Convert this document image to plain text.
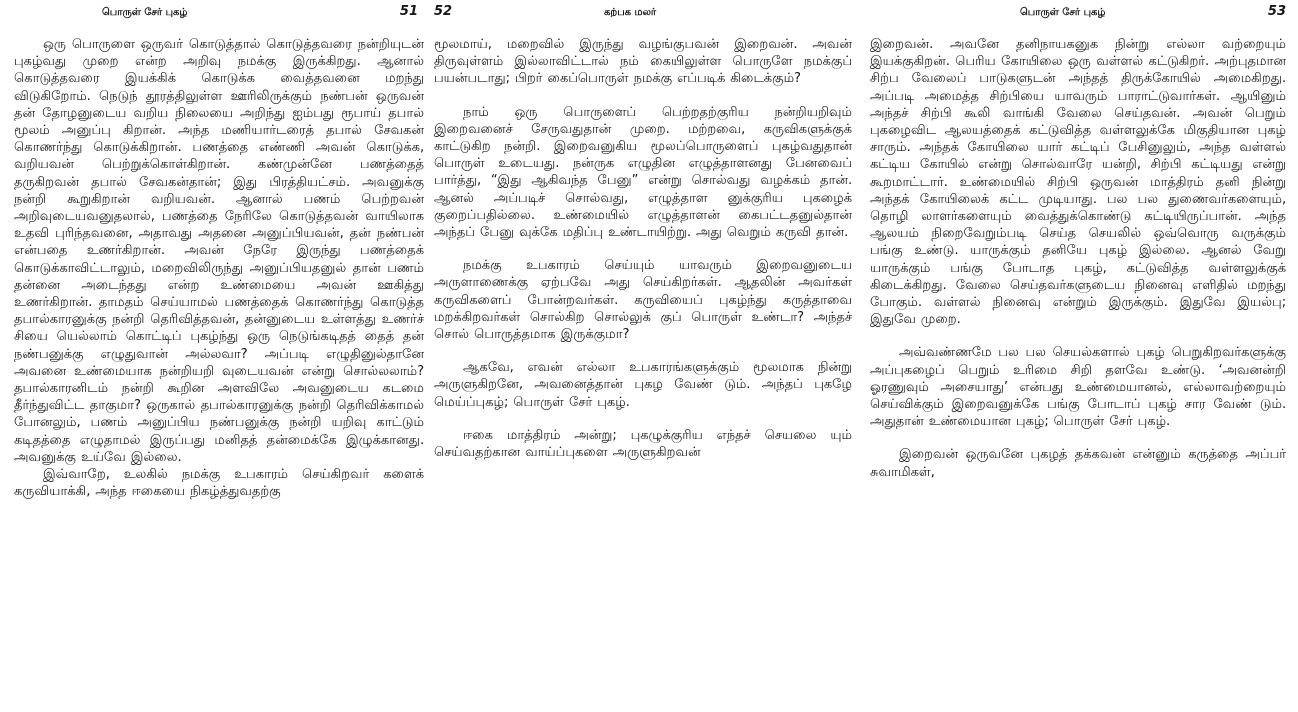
பொருள் சேர் புகழ்	51

ஒரு பொருளை ஒருவர் கொடுத்தால் கொடுத்தவரை நன்றியுடன் புகழ்வது முறை என்ற அறிவு நமக்கு இருக்கிறது. ஆனால் கொடுத்தவரை இயக்கிக் கொடுக்க வைத்தவனை மறந்து விடுகிறோம். நெடுந் தூரத்திலுள்ள ஊரிலிருக்கும் நண்பன் ஒருவன் தன் தோழனுடைய வறிய நிலையை அறிந்து ஐம்பது ரூபாய் தபால் மூலம் அனுப்பு கிறான். அந்த மணியார்டரைத் தபால் சேவகன் கொணர்ந்து கொடுக்கிறான். பணத்தை எண்ணி அவன் கொடுக்க, வறியவன் பெற்றுக்கொள்கிறான். கண்முன்னே பணத்தைத் தருகிறவன் தபால் சேவகன்தான்; இது பிரத்தியட்சம். அவனுக்கு நன்றி கூறுகிறான் வறியவன். ஆனால் பணம் பெற்றவன் அறிவுடையவனுதலால், பணத்தை நேரிலே கொடுத்தவன் வாயிலாக உதவி புரிந்தவனை, அதாவது அதனை அனுப்பியவன், தன் நண்பன் என்பதை உணர்கிறான். அவன் நேரே இருந்து பணத்தைக் கொடுக்காவிட்டாலும், மறைவிலிருந்து அனுப்பியதனுல் தான் பணம் தன்னை அடைந்தது என்ற உண்மையை அவன் ஊகித்து உணர்கிறான். தாமதம் செய்யாமல் பணத்தைக் கொணர்ந்து கொடுத்த தபால்காரனுக்கு நன்றி தெரிவித்தவன், தன்னுடைய உள்ளத்து உணர்ச் சியை யெல்லாம் கொட்டிப் புகழ்ந்து ஒரு நெடுங்கடிதத் தைத் தன் நண்பனுக்கு எழுதுவான் அல்லவா? அப்படி எழுதினுல்தானே அவனை உண்மையாக நன்றியறி வுடையவன் என்று சொல்லலாம்? தபால்காரனிடம் நன்றி கூறின அளவிலே அவனுடைய கடமை தீர்ந்துவிட்ட தாகுமா? ஒருகால் தபால்காரனுக்கு நன்றி தெரிவிக்காமல் போனலும், பணம் அனுப்பிய நண்பனுக்கு நன்றி யறிவு காட்டும் கடிதத்தை எழுதாமல் இருப்பது மனிதத் தன்மைக்கே இழுக்கானது. அவனுக்கு உய்வே இல்லை.

இவ்வாறே, உலகில் நமக்கு உபகாரம் செய்கிறவர் களைக் கருவியாக்கி, அந்த ஈகையை நிகழ்த்துவதற்கு

52	கற்பக மலர்

மூலமாய், மறைவில் இருந்து வழங்குபவன் இறைவன். அவன் திருவுள்ளம் இல்லாவிட்டால் நம் கையிலுள்ள பொருளே நமக்குப் பயன்படாது; பிறர் கைப்பொருள் நமக்கு எப்படிக் கிடைக்கும்?

நாம் ஒரு பொருளைப் பெற்றதற்குரிய நன்றியறிவும் இறைவனைச் சேருவதுதான் முறை. மற்றவை, கருவிகளுக்குக் காட்டுகிற நன்றி. இறைவனுகிய மூலப்பொருளைப் புகழ்வதுதான் பொருள் உடையது. நன்ருக எழுதின எழுத்தாளனது பேனவைப் பார்த்து, “இது ஆகிவந்த பேனு” என்று சொல்வது வழக்கம் தான். ஆனல் அப்படிச் சொல்வது, எழுத்தாள னுக்குரிய புகழைக் குறைப்பதில்லை. உண்மையில் எழுத்தாளன் கைபட்டதனுல்தான் அந்தப் பேனு வுக்கே மதிப்பு உண்டாயிற்று. அது வெறும் கருவி தான்.

நமக்கு உபகாரம் செய்யும் யாவரும் இறைவனுடைய அருளாணைக்கு ஏற்பவே அது செய்கிறர்கள். ஆதலின் அவர்கள் கருவிகளைப் போன்றவர்கள். கருவியைப் புகழ்ந்து கருத்தாவை மறக்கிறவர்கள் சொல்கிற சொல்லுக் குப் பொருள் உண்டா? அந்தச் சொல் பொருத்தமாக இருக்குமா?

ஆகவே, எவன் எல்லா உபகாரங்களுக்கும் மூலமாக நின்று அருளுகிறனே, அவனைத்தான் புகழ வேண் டும். அந்தப் புகழே மெய்ப்புகழ்; பொருள் சேர் புகழ்.

ஈகை மாத்திரம் அன்று; புகழுக்குரிய எந்தச் செயலை யும் செய்வதற்கான வாய்ப்புகளை அருளுகிறவன்

பொருள் சேர் புகழ்	53

இறைவன். அவனே தனிநாயகனுக நின்று எல்லா வற்றையும் இயக்குகிறன். பெரிய கோயிலை ஒரு வள்ளல் கட்டுகிறர். அற்புதமான சிற்ப வேலைப் பாடுகளுடன் அந்தத் திருக்கோயில் அமைகிறது. அப்படி அமைத்த சிற்பியை யாவரும் பாராட்டுவார்கள். ஆயினும் அந்தச் சிற்பி கூலி வாங்கி வேலை செய்தவன். அவன் பெறும் புகழைவிட ஆலயத்தைக் கட்டுவித்த வள்ளலுக்கே மிகுதியான புகழ் சாரும். அந்தக் கோயிலை யார் கட்டிப் பேசினுலும், அந்த வள்ளல் கட்டிய கோயில் என்று சொல்வாரே யன்றி, சிற்பி கட்டியது என்று கூறமாட்டார். உண்மையில் சிற்பி ஒருவன் மாத்திரம் தனி நின்று அந்தக் கோயிலைக் கட்ட முடியாது. பல பல துணைவர்களையும், தொழி லாளர்களையும் வைத்துக்கொண்டு கட்டியிருப்பான். அந்த ஆலயம் நிறைவேறும்படி செய்த செயலில் ஒவ்வொரு வருக்கும் பங்கு உண்டு. யாருக்கும் தனியே புகழ் இல்லை. ஆனல் வேறு யாருக்கும் பங்கு போடாத புகழ், கட்டுவித்த வள்ளலுக்குக் கிடைக்கிறது. வேலை செய்தவர்களுடைய நினைவு எளிதில் மறந்து போகும். வள்ளல் நினைவு என்றும் இருக்கும். இதுவே இயல்பு; இதுவே முறை.

அவ்வண்ணமே பல பல செயல்களால் புகழ் பெறுகிறவர்களுக்கு அப்புகழைப் பெறும் உரிமை சிறி தளவே உண்டு. ‘அவனன்றி ஓரணுவும் அசையாது’ என்பது உண்மையானல், எல்லாவற்றையும் செய்விக்கும் இறைவனுக்கே பங்கு போடாப் புகழ் சார வேண் டும். அதுதான் உண்மையான புகழ்; பொருள் சேர் புகழ்.

இறைவன் ஒருவனே புகழத் தக்கவன் என்னும் கருத்தை அப்பர் சுவாமிகள்,
